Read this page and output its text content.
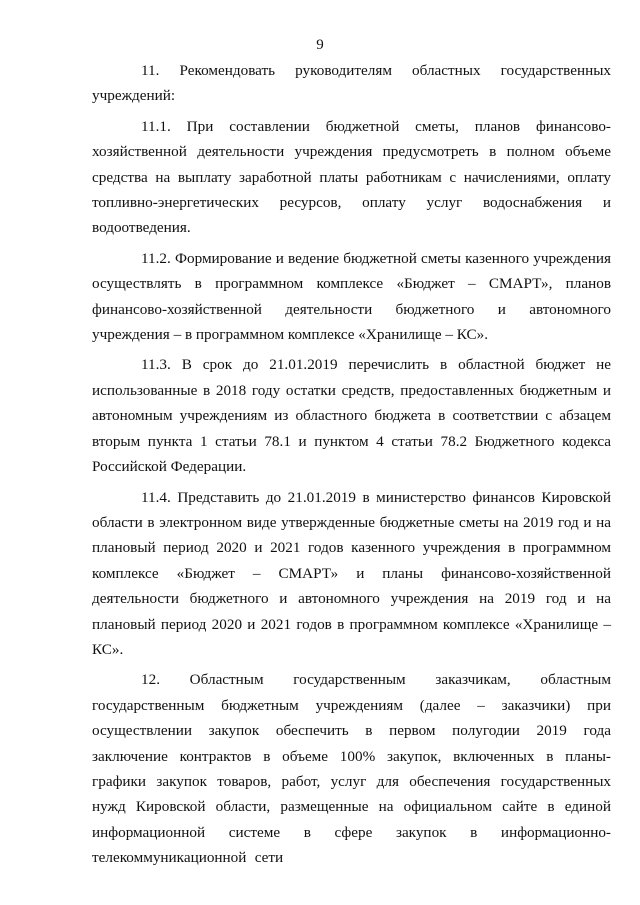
9

11. Рекомендовать руководителям областных государственных учреждений:

11.1. При составлении бюджетной сметы, планов финансово-хозяйственной деятельности учреждения предусмотреть в полном объеме средства на выплату заработной платы работникам с начислениями, оплату топливно-энергетических ресурсов, оплату услуг водоснабжения и водоотведения.

11.2. Формирование и ведение бюджетной сметы казенного учреждения осуществлять в программном комплексе «Бюджет – СМАРТ», планов финансово-хозяйственной деятельности бюджетного и автономного учреждения – в программном комплексе «Хранилище – КС».

11.3. В срок до 21.01.2019 перечислить в областной бюджет не использованные в 2018 году остатки средств, предоставленных бюджетным и автономным учреждениям из областного бюджета в соответствии с абзацем вторым пункта 1 статьи 78.1 и пунктом 4 статьи 78.2 Бюджетного кодекса Российской Федерации.

11.4. Представить до 21.01.2019 в министерство финансов Кировской области в электронном виде утвержденные бюджетные сметы на 2019 год и на плановый период 2020 и 2021 годов казенного учреждения в программном комплексе «Бюджет – СМАРТ» и планы финансово-хозяйственной деятельности бюджетного и автономного учреждения на 2019 год и на плановый период 2020 и 2021 годов в программном комплексе «Хранилище – КС».

12. Областным государственным заказчикам, областным государственным бюджетным учреждениям (далее – заказчики) при осуществлении закупок обеспечить в первом полугодии 2019 года заключение контрактов в объеме 100% закупок, включенных в планы-графики закупок товаров, работ, услуг для обеспечения государственных нужд Кировской области, размещенные на официальном сайте в единой информационной системе в сфере закупок в информационно-телекоммуникационной сети
